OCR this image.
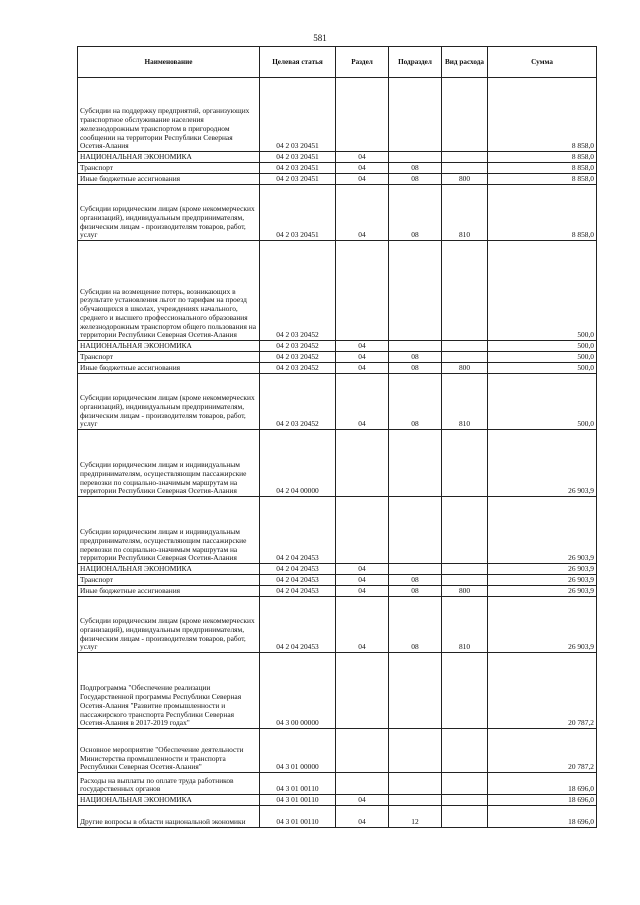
581
Наименование	Целевая статья	Раздел	Подраздел	Вид расхода	Сумма
Субсидии на поддержку предприятий, организующих транспортное обслуживание населения железнодорожным транспортом в пригородном сообщении на территории Республики Северная Осетия-Алания	04 2 03 20451				8 858,0
НАЦИОНАЛЬНАЯ ЭКОНОМИКА	04 2 03 20451	04			8 858,0
Транспорт	04 2 03 20451	04	08		8 858,0
Иные бюджетные ассигнования	04 2 03 20451	04	08	800	8 858,0
Субсидии юридическим лицам (кроме некоммерческих организаций), индивидуальным предпринимателям, физическим лицам - производителям товаров, работ, услуг	04 2 03 20451	04	08	810	8 858,0
Субсидии на возмещение потерь, возникающих в результате установления льгот по тарифам на проезд обучающихся в школах, учреждениях начального, среднего и высшего профессионального образования железнодорожным транспортом общего пользования на территории Республики Северная Осетия-Алания	04 2 03 20452				500,0
НАЦИОНАЛЬНАЯ ЭКОНОМИКА	04 2 03 20452	04			500,0
Транспорт	04 2 03 20452	04	08		500,0
Иные бюджетные ассигнования	04 2 03 20452	04	08	800	500,0
Субсидии юридическим лицам (кроме некоммерческих организаций), индивидуальным предпринимателям, физическим лицам - производителям товаров, работ, услуг	04 2 03 20452	04	08	810	500,0
Субсидии юридическим лицам и индивидуальным предпринимателям, осуществляющим пассажирские перевозки по социально-значимым маршрутам на территории Республики Северная Осетия-Алания	04 2 04 00000				26 903,9
Субсидии юридическим лицам и индивидуальным предпринимателям, осуществляющим пассажирские перевозки по социально-значимым маршрутам на территории Республики Северная Осетия-Алания	04 2 04 20453				26 903,9
НАЦИОНАЛЬНАЯ ЭКОНОМИКА	04 2 04 20453	04			26 903,9
Транспорт	04 2 04 20453	04	08		26 903,9
Иные бюджетные ассигнования	04 2 04 20453	04	08	800	26 903,9
Субсидии юридическим лицам (кроме некоммерческих организаций), индивидуальным предпринимателям, физическим лицам - производителям товаров, работ, услуг	04 2 04 20453	04	08	810	26 903,9
Подпрограмма "Обеспечение реализации Государственной программы Республики Северная Осетия-Алания "Развитие промышленности и пассажирского транспорта Республики Северная Осетия-Алания в 2017-2019 годах"	04 3 00 00000				20 787,2
Основное мероприятие "Обеспечение деятельности Министерства промышленности и транспорта Республики Северная Осетия-Алания"	04 3 01 00000				20 787,2
Расходы на выплаты по оплате труда работников государственных органов	04 3 01 00110				18 696,0
НАЦИОНАЛЬНАЯ ЭКОНОМИКА	04 3 01 00110	04			18 696,0
Другие вопросы в области национальной экономики	04 3 01 00110	04	12		18 696,0
